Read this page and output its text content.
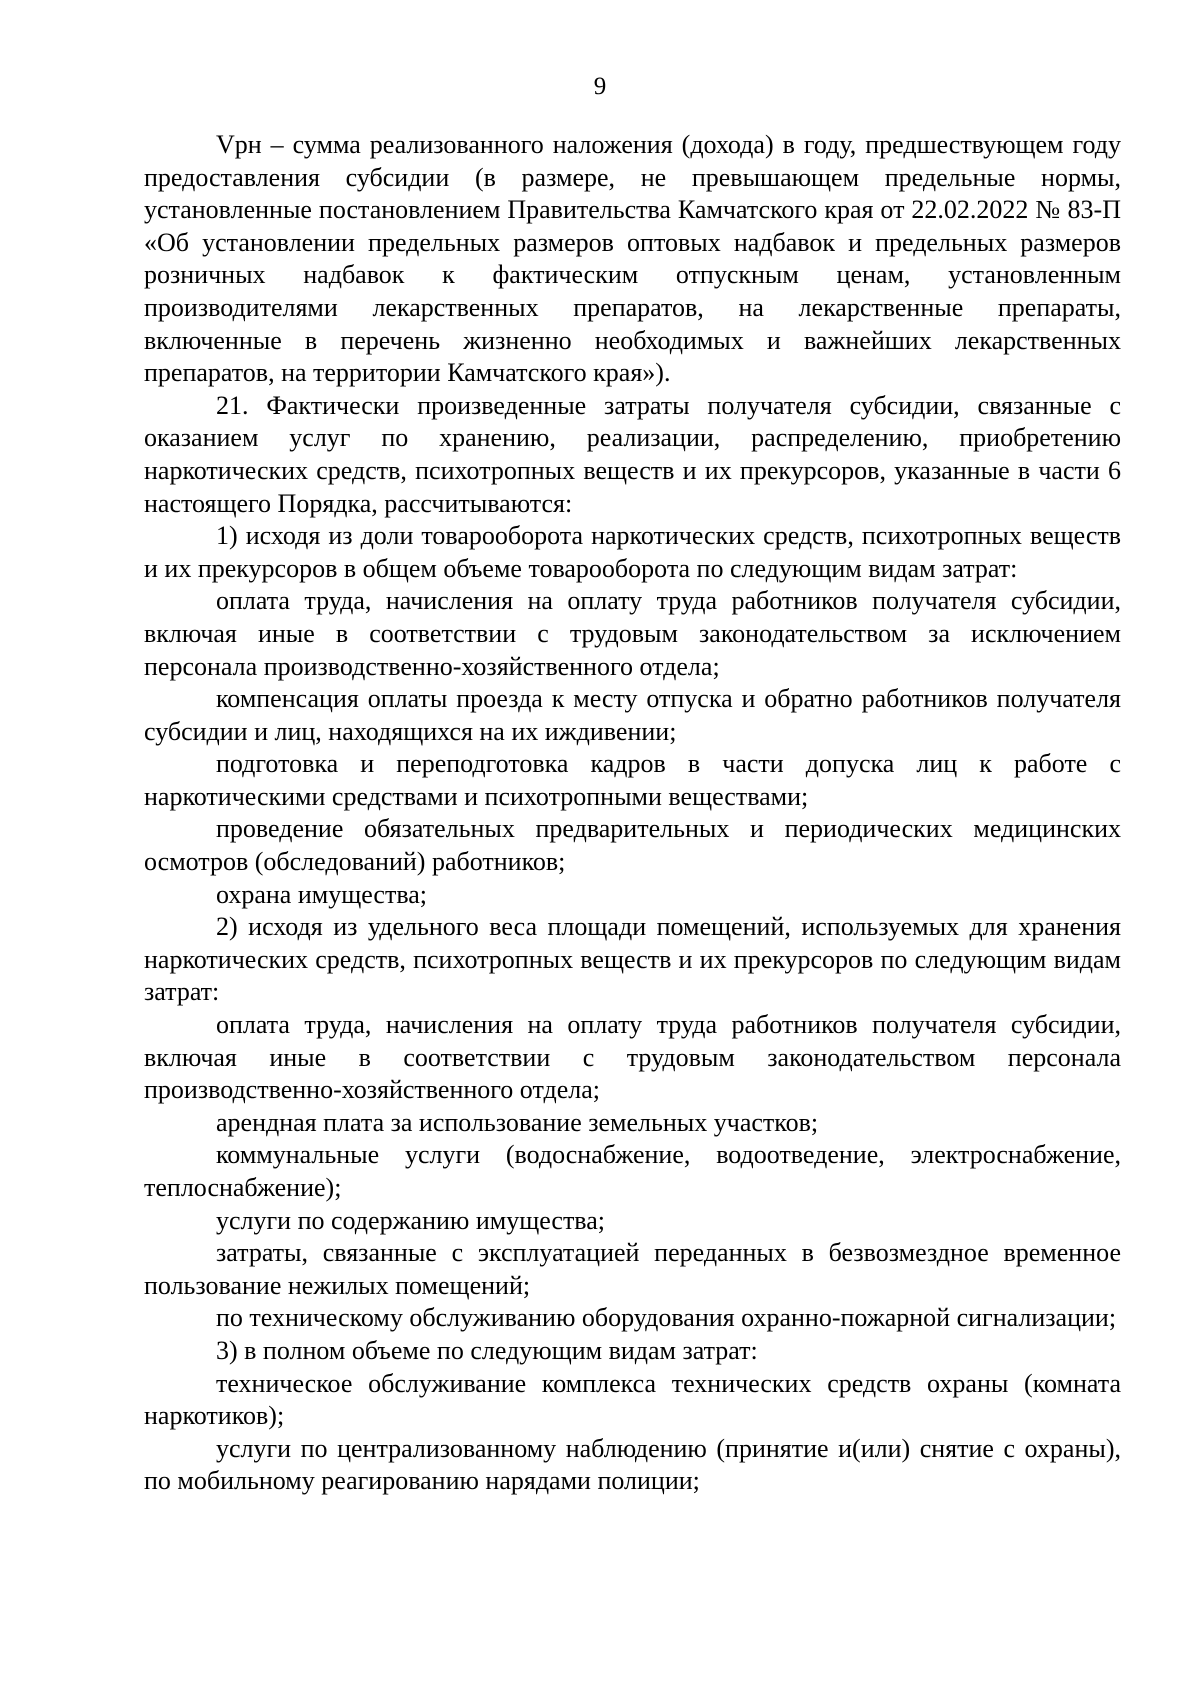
9

Vрн – сумма реализованного наложения (дохода) в году, предшествующем году предоставления субсидии (в размере, не превышающем предельные нормы, установленные постановлением Правительства Камчатского края от 22.02.2022 № 83-П «Об установлении предельных размеров оптовых надбавок и предельных размеров розничных надбавок к фактическим отпускным ценам, установленным производителями лекарственных препаратов, на лекарственные препараты, включенные в перечень жизненно необходимых и важнейших лекарственных препаратов, на территории Камчатского края»).

21. Фактически произведенные затраты получателя субсидии, связанные с оказанием услуг по хранению, реализации, распределению, приобретению наркотических средств, психотропных веществ и их прекурсоров, указанные в части 6 настоящего Порядка, рассчитываются:

1) исходя из доли товарооборота наркотических средств, психотропных веществ и их прекурсоров в общем объеме товарооборота по следующим видам затрат:

оплата труда, начисления на оплату труда работников получателя субсидии, включая иные в соответствии с трудовым законодательством за исключением персонала производственно-хозяйственного отдела;

компенсация оплаты проезда к месту отпуска и обратно работников получателя субсидии и лиц, находящихся на их иждивении;

подготовка и переподготовка кадров в части допуска лиц к работе с наркотическими средствами и психотропными веществами;

проведение обязательных предварительных и периодических медицинских осмотров (обследований) работников;

охрана имущества;

2) исходя из удельного веса площади помещений, используемых для хранения наркотических средств, психотропных веществ и их прекурсоров по следующим видам затрат:

оплата труда, начисления на оплату труда работников получателя субсидии, включая иные в соответствии с трудовым законодательством персонала производственно-хозяйственного отдела;

арендная плата за использование земельных участков;

коммунальные услуги (водоснабжение, водоотведение, электроснабжение, теплоснабжение);

услуги по содержанию имущества;

затраты, связанные с эксплуатацией переданных в безвозмездное временное пользование нежилых помещений;

по техническому обслуживанию оборудования охранно-пожарной сигнализации;

3) в полном объеме по следующим видам затрат:

техническое обслуживание комплекса технических средств охраны (комната наркотиков);

услуги по централизованному наблюдению (принятие и(или) снятие с охраны), по мобильному реагированию нарядами полиции;
